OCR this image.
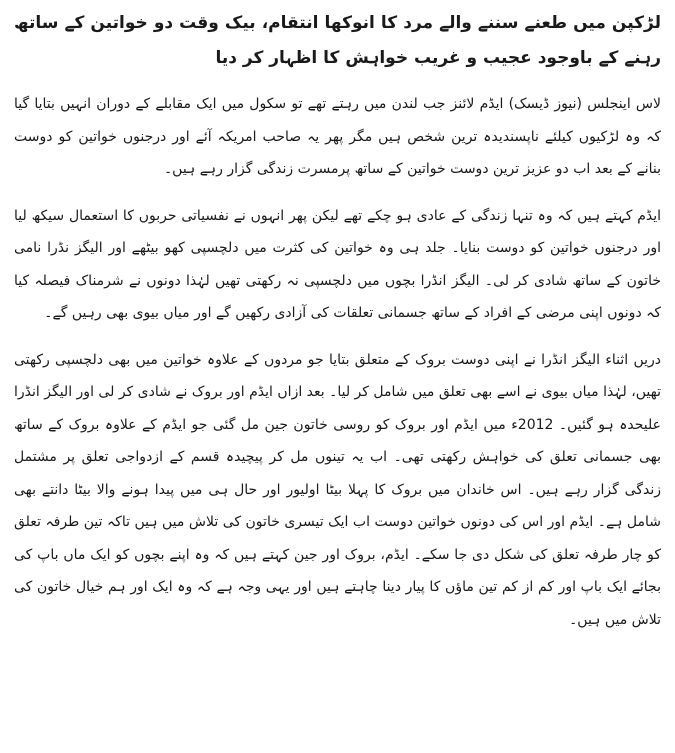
لڑکپن میں طعنے سننے والے مرد کا انوکھا انتقام، بیک وقت دو خواتین کے ساتھ رہنے کے باوجود عجیب و غریب خواہش کا اظہار کر دیا

لاس اینجلس (نیوز ڈیسک) ایڈم لائنز جب لندن میں رہتے تھے تو سکول میں ایک مقابلے کے دوران انہیں بتایا گیا کہ وہ لڑکیوں کیلئے ناپسندیدہ ترین شخص ہیں مگر پھر یہ صاحب امریکہ آئے اور درجنوں خواتین کو دوست بنانے کے بعد اب دو عزیز ترین دوست خواتین کے ساتھ پرمسرت زندگی گزار رہے ہیں۔

ایڈم کہتے ہیں کہ وہ تنہا زندگی کے عادی ہو چکے تھے لیکن پھر انہوں نے نفسیاتی حربوں کا استعمال سیکھ لیا اور درجنوں خواتین کو دوست بنایا۔ جلد ہی وہ خواتین کی کثرت میں دلچسپی کھو بیٹھے اور الیگز نڈرا نامی خاتون کے ساتھ شادی کر لی۔ الیگز انڈرا بچوں میں دلچسپی نہ رکھتی تھیں لہٰذا دونوں نے شرمناک فیصلہ کیا کہ دونوں اپنی مرضی کے افراد کے ساتھ جسمانی تعلقات کی آزادی رکھیں گے اور میاں بیوی بھی رہیں گے۔

دریں اثناء الیگز انڈرا نے اپنی دوست بروک کے متعلق بتایا جو مردوں کے علاوہ خواتین میں بھی دلچسپی رکھتی تھیں، لہٰذا میاں بیوی نے اسے بھی تعلق میں شامل کر لیا۔ بعد ازاں ایڈم اور بروک نے شادی کر لی اور الیگز انڈرا علیحدہ ہو گئیں۔ 2012ء میں ایڈم اور بروک کو روسی خاتون جین مل گئی جو ایڈم کے علاوہ بروک کے ساتھ بھی جسمانی تعلق کی خواہش رکھتی تھی۔ اب یہ تینوں مل کر پیچیدہ قسم کے ازدواجی تعلق پر مشتمل زندگی گزار رہے ہیں۔ اس خاندان میں بروک کا پہلا بیٹا اولیور اور حال ہی میں پیدا ہونے والا بیٹا دانتے بھی شامل ہے۔ ایڈم اور اس کی دونوں خواتین دوست اب ایک تیسری خاتون کی تلاش میں ہیں تاکہ تین طرفہ تعلق کو چار طرفہ تعلق کی شکل دی جا سکے۔ ایڈم، بروک اور جین کہتے ہیں کہ وہ اپنے بچوں کو ایک ماں باپ کی بجائے ایک باپ اور کم از کم تین ماؤں کا پیار دینا چاہتے ہیں اور یہی وجہ ہے کہ وہ ایک اور ہم خیال خاتون کی تلاش میں ہیں۔
